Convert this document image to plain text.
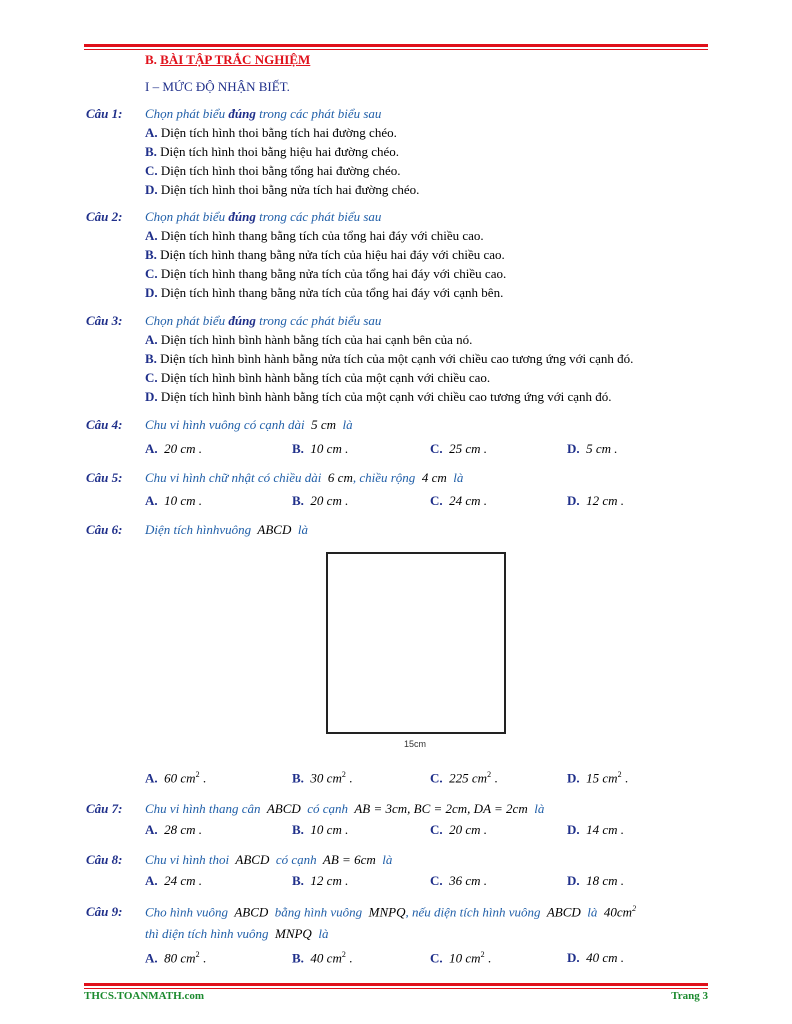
B. BÀI TẬP TRẮC NGHIỆM
I – MỨC ĐỘ NHẬN BIẾT.
Câu 1: Chọn phát biểu đúng trong các phát biểu sau
A. Diện tích hình thoi bằng tích hai đường chéo.
B. Diện tích hình thoi bằng hiệu hai đường chéo.
C. Diện tích hình thoi bằng tổng hai đường chéo.
D. Diện tích hình thoi bằng nửa tích hai đường chéo.
Câu 2: Chọn phát biểu đúng trong các phát biểu sau
A. Diện tích hình thang bằng tích của tổng hai đáy với chiều cao.
B. Diện tích hình thang bằng nửa tích của hiệu hai đáy với chiều cao.
C. Diện tích hình thang bằng nửa tích của tổng hai đáy với chiều cao.
D. Diện tích hình thang bằng nửa tích của tổng hai đáy với cạnh bên.
Câu 3: Chọn phát biểu đúng trong các phát biểu sau
A. Diện tích hình bình hành bằng tích của hai cạnh bên của nó.
B. Diện tích hình bình hành bằng nửa tích của một cạnh với chiều cao tương ứng với cạnh đó.
C. Diện tích hình bình hành bằng tích của một cạnh với chiều cao.
D. Diện tích hình bình hành bằng tích của một cạnh với chiều cao tương ứng với cạnh đó.
Câu 4: Chu vi hình vuông có cạnh dài 5 cm là
A. 20 cm .	B. 10 cm .	C. 25 cm .	D. 5 cm .
Câu 5: Chu vi hình chữ nhật có chiều dài 6 cm, chiều rộng 4 cm là
A. 10 cm .	B. 20 cm .	C. 24 cm .	D. 12 cm .
Câu 6: Diện tích hìnhvuông ABCD là
15cm
A. 60 $cm^2$ .	B. 30 $cm^2$ .	C. 225 $cm^2$ .	D. 15 $cm^2$ .
Câu 7: Chu vi hình thang cân ABCD có cạnh AB = 3cm, BC = 2cm, DA = 2cm là
A. 28 cm .	B. 10 cm .	C. 20 cm .	D. 14 cm .
Câu 8: Chu vi hình thoi ABCD có cạnh AB = 6cm là
A. 24 cm .	B. 12 cm .	C. 36 cm .	D. 18 cm .
Câu 9: Cho hình vuông ABCD bằng hình vuông MNPQ, nếu diện tích hình vuông ABCD là $40cm^2$
thì diện tích hình vuông MNPQ là
A. 80 $cm^2$ .	B. 40 $cm^2$ .	C. 10 $cm^2$ .	D. 40 cm .
THCS.TOANMATH.com	Trang 3
